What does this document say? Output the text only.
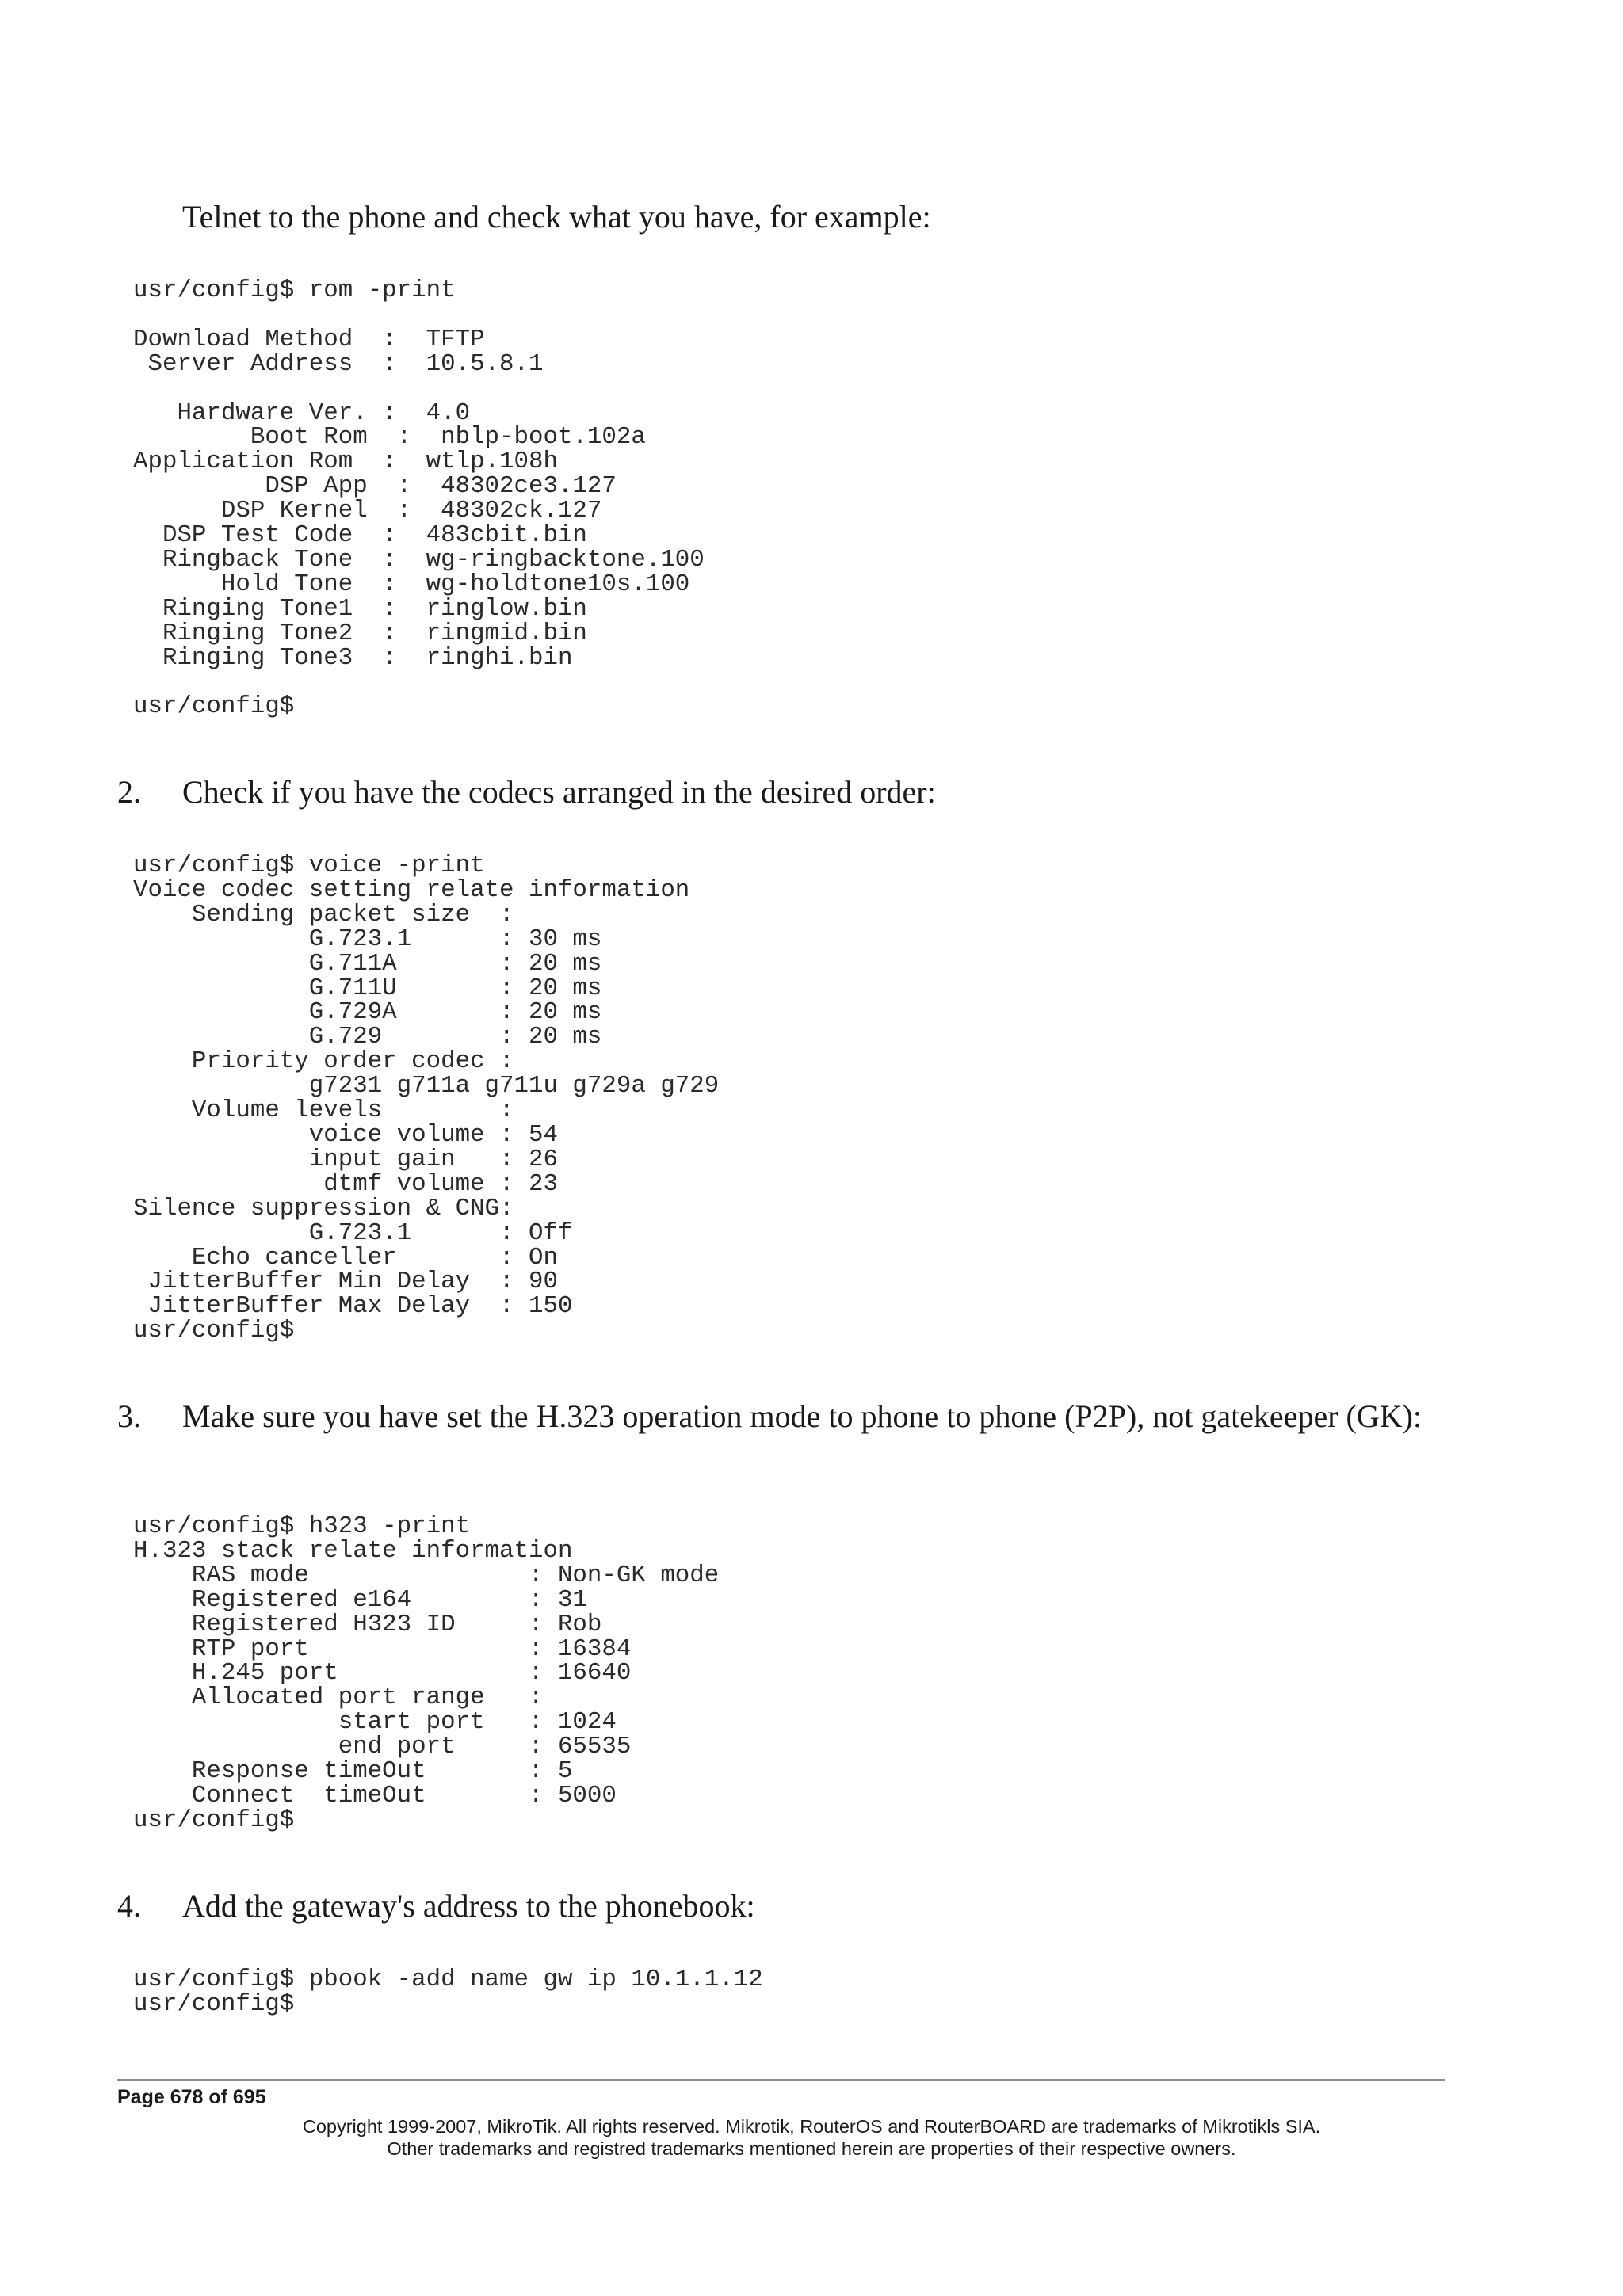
Telnet to the phone and check what you have, for example:

usr/config$ rom -print

Download Method  :  TFTP
Server Address  :  10.5.8.1

Hardware Ver. :  4.0
Boot Rom  :  nblp-boot.102a
Application Rom  :  wtlp.108h
DSP App  :  48302ce3.127
DSP Kernel  :  48302ck.127
DSP Test Code  :  483cbit.bin
Ringback Tone  :  wg-ringbacktone.100
Hold Tone  :  wg-holdtone10s.100
Ringing Tone1  :  ringlow.bin
Ringing Tone2  :  ringmid.bin
Ringing Tone3  :  ringhi.bin

usr/config$
2. Check if you have the codecs arranged in the desired order:
usr/config$ voice -print
Voice codec setting relate information
Sending packet size  :
G.723.1      : 30 ms
G.711A       : 20 ms
G.711U       : 20 ms
G.729A       : 20 ms
G.729        : 20 ms
Priority order codec :
g7231 g711a g711u g729a g729
Volume levels        :
voice volume : 54
input gain   : 26
dtmf volume : 23
Silence suppression & CNG:
G.723.1      : Off
Echo canceller       : On
JitterBuffer Min Delay  : 90
JitterBuffer Max Delay  : 150
usr/config$
3. Make sure you have set the H.323 operation mode to phone to phone (P2P), not gatekeeper (GK):
usr/config$ h323 -print
H.323 stack relate information
RAS mode               : Non-GK mode
Registered e164        : 31
Registered H323 ID     : Rob
RTP port               : 16384
H.245 port             : 16640
Allocated port range   :
start port   : 1024
end port     : 65535
Response timeOut       : 5
Connect  timeOut       : 5000
usr/config$
4. Add the gateway's address to the phonebook:
usr/config$ pbook -add name gw ip 10.1.1.12
usr/config$
Page 678 of 695
Copyright 1999-2007, MikroTik. All rights reserved. Mikrotik, RouterOS and RouterBOARD are trademarks of Mikrotikls SIA.
Other trademarks and registred trademarks mentioned herein are properties of their respective owners.
